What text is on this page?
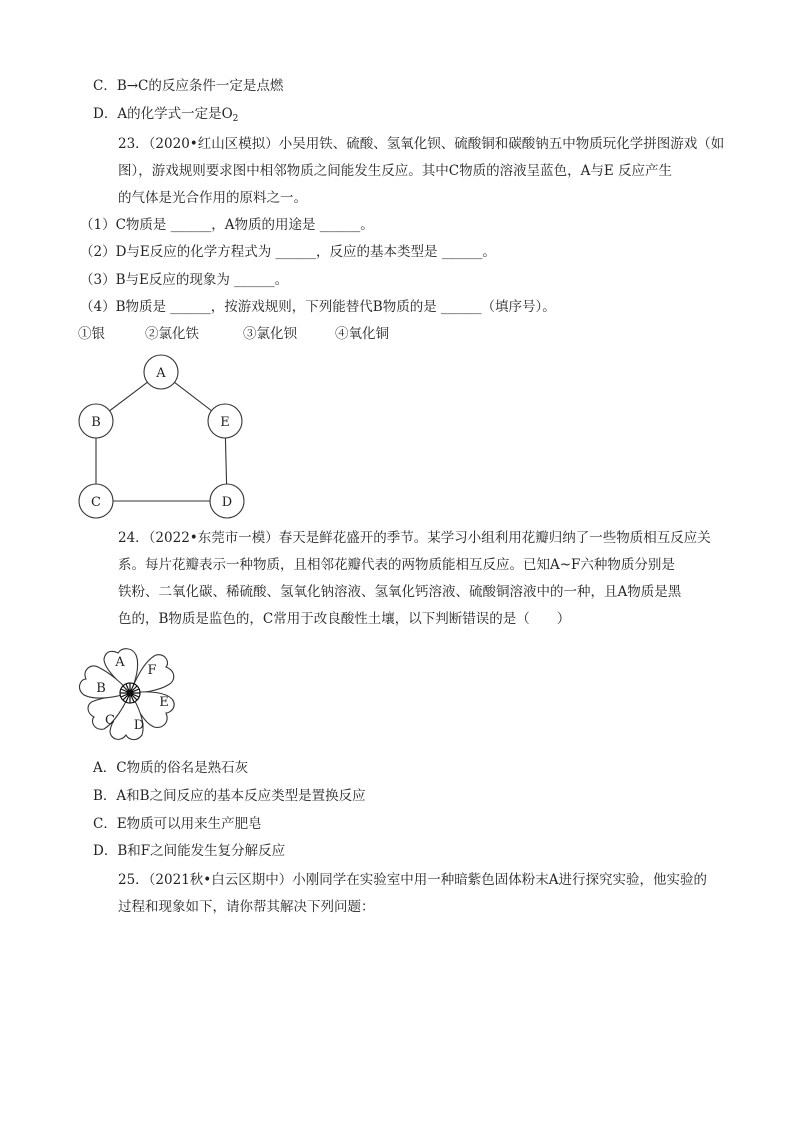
C．B→C的反应条件一定是点燃
D．A的化学式一定是$O_2$
23．（2020•红山区模拟）小吴用铁、硫酸、氢氧化钡、硫酸铜和碳酸钠五中物质玩化学拼图游戏（如
图），游戏规则要求图中相邻物质之间能发生反应。其中C物质的溶液呈蓝色，A与E 反应产生
的气体是光合作用的原料之一。
（1）C物质是 ______，A物质的用途是 ______。
（2）D与E反应的化学方程式为 ______，反应的基本类型是 ______。
（3）B与E反应的现象为 ______。
（4）B物质是 ______，按游戏规则，下列能替代B物质的是 ______（填序号）。
①银	②氯化铁	③氯化钡	④氧化铜
A
B	E
C	D
24．（2022•东莞市一模）春天是鲜花盛开的季节。某学习小组利用花瓣归纳了一些物质相互反应关
系。每片花瓣表示一种物质，且相邻花瓣代表的两物质能相互反应。已知A~F六种物质分别是
铁粉、二氧化碳、稀硫酸、氢氧化钠溶液、氢氧化钙溶液、硫酸铜溶液中的一种，且A物质是黑
色的，B物质是监色的，C常用于改良酸性土壤，以下判断错误的是（　　）
A
F
E
D
C
B
A．C物质的俗名是熟石灰
B．A和B之间反应的基本反应类型是置换反应
C．E物质可以用来生产肥皂
D．B和F之间能发生复分解反应
25．（2021秋•白云区期中）小刚同学在实验室中用一种暗紫色固体粉末A进行探究实验，他实验的
过程和现象如下，请你帮其解决下列问题：
